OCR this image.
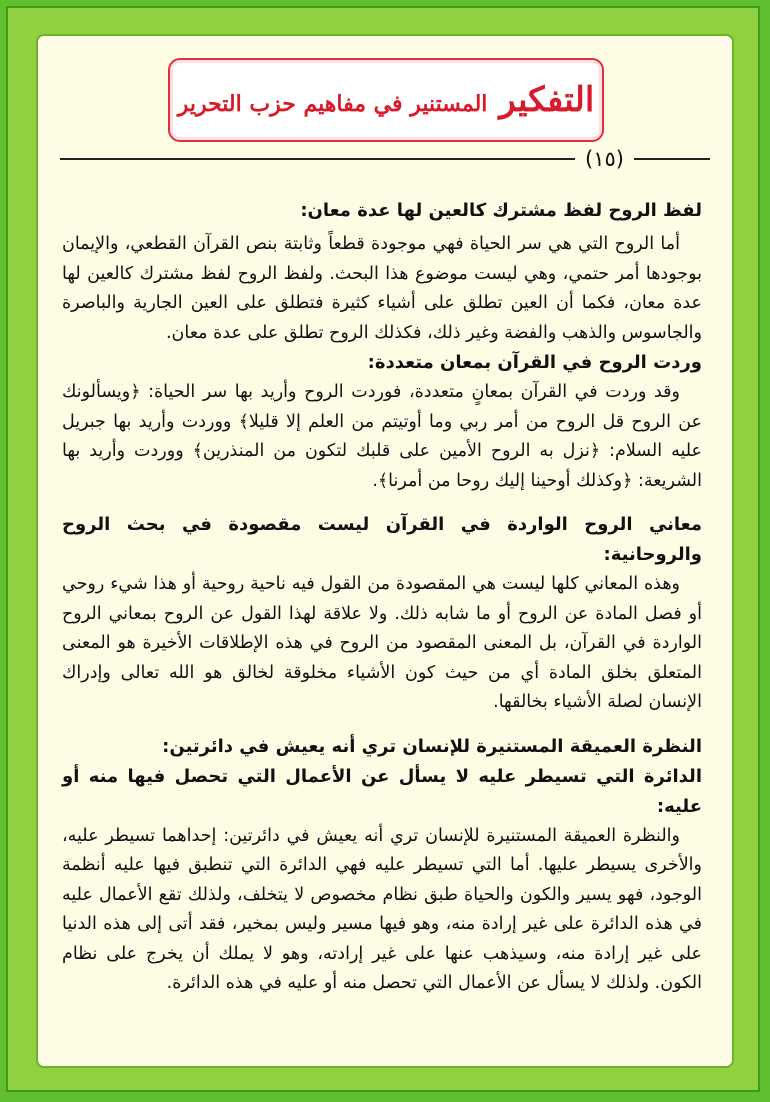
التفكير المستنير في مفاهيم حزب التحرير
(١٥)

لفظ الروح لفظ مشترك كالعين لها عدة معان:

أما الروح التي هي سر الحياة فهي موجودة قطعاً وثابتة بنص القرآن القطعي، والإيمان بوجودها أمر حتمي، وهي ليست موضوع هذا البحث. ولفظ الروح لفظ مشترك كالعين لها عدة معان، فكما أن العين تطلق على أشياء كثيرة فتطلق على العين الجارية والباصرة والجاسوس والذهب والفضة وغير ذلك، فكذلك الروح تطلق على عدة معان.

وردت الروح في القرآن بمعان متعددة:

وقد وردت في القرآن بمعانٍ متعددة، فوردت الروح وأريد بها سر الحياة: ﴿ويسألونك عن الروح قل الروح من أمر ربي وما أوتيتم من العلم إلا قليلا﴾ ووردت وأريد بها جبريل عليه السلام: ﴿نزل به الروح الأمين على قلبك لتكون من المنذرين﴾ ووردت وأريد بها الشريعة: ﴿وكذلك أوحينا إليك روحا من أمرنا﴾.

معاني الروح الواردة في القرآن ليست مقصودة في بحث الروح والروحانية:

وهذه المعاني كلها ليست هي المقصودة من القول فيه ناحية روحية أو هذا شيء روحي أو فصل المادة عن الروح أو ما شابه ذلك. ولا علاقة لهذا القول عن الروح بمعاني الروح الواردة في القرآن، بل المعنى المقصود من الروح في هذه الإطلاقات الأخيرة هو المعنى المتعلق بخلق المادة أي من حيث كون الأشياء مخلوقة لخالق هو الله تعالى وإدراك الإنسان لصلة الأشياء بخالقها.

النظرة العميقة المستنيرة للإنسان تري أنه يعيش في دائرتين:

الدائرة التي تسيطر عليه لا يسأل عن الأعمال التي تحصل فيها منه أو عليه:

والنظرة العميقة المستنيرة للإنسان تري أنه يعيش في دائرتين: إحداهما تسيطر عليه، والأخرى يسيطر عليها. أما التي تسيطر عليه فهي الدائرة التي تنطبق فيها عليه أنظمة الوجود، فهو يسير والكون والحياة طبق نظام مخصوص لا يتخلف، ولذلك تقع الأعمال عليه في هذه الدائرة على غير إرادة منه، وهو فيها مسير وليس بمخير، فقد أتى إلى هذه الدنيا على غير إرادة منه، وسيذهب عنها على غير إرادته، وهو لا يملك أن يخرج على نظام الكون. ولذلك لا يسأل عن الأعمال التي تحصل منه أو عليه في هذه الدائرة.
